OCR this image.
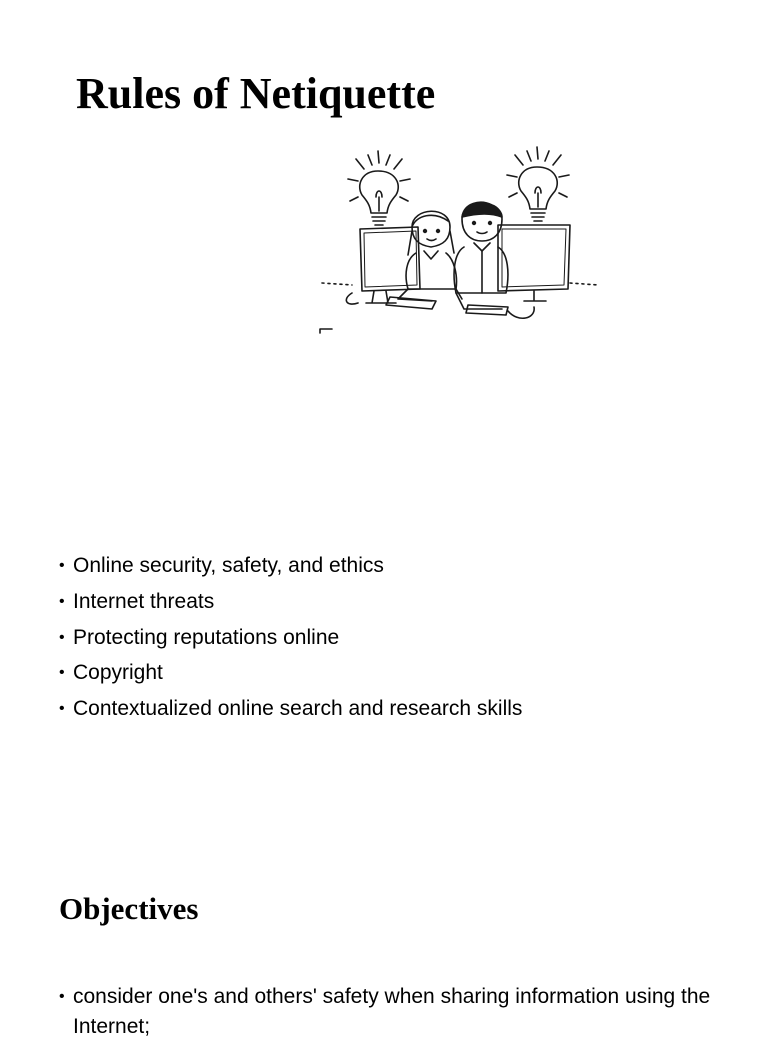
Rules of Netiquette
• Online security, safety, and ethics
• Internet threats
• Protecting reputations online
• Copyright
• Contextualized online search and research skills
Objectives
• consider one's and others' safety when sharing information using the Internet;
